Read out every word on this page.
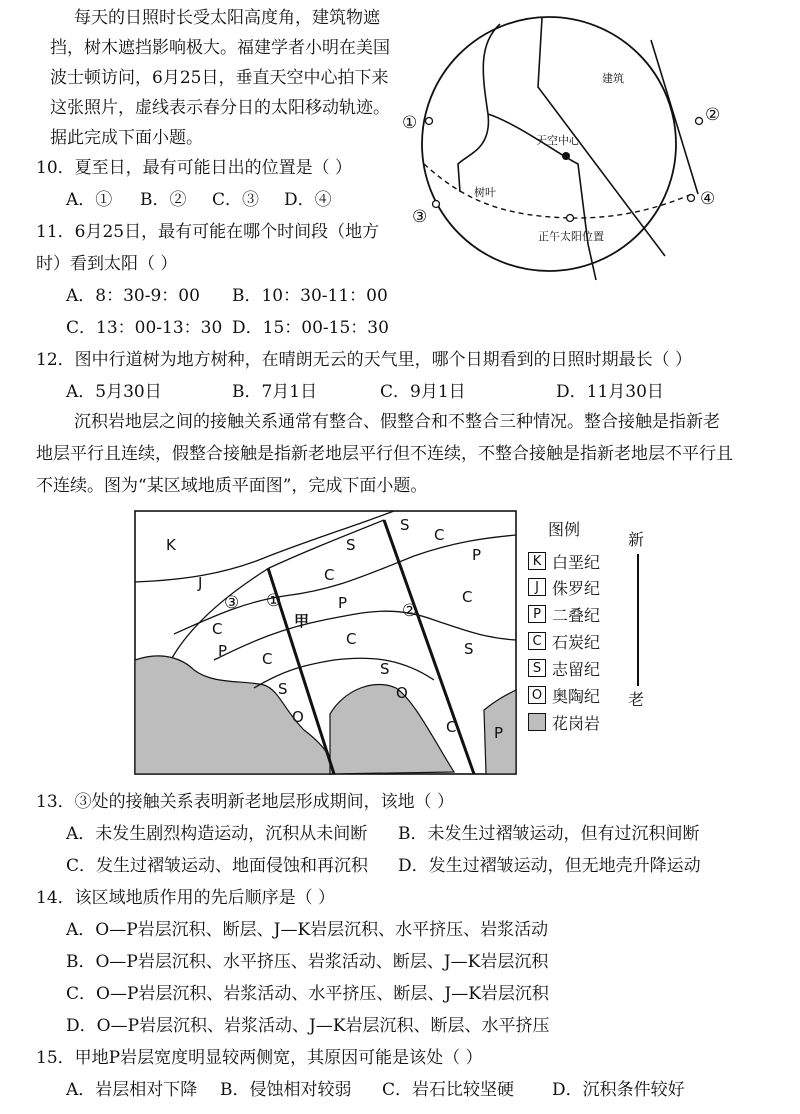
每天的日照时长受太阳高度角，建筑物遮
挡，树木遮挡影响极大。福建学者小明在美国
波士顿访问，6月25日，垂直天空中心拍下来
这张照片，虚线表示春分日的太阳移动轨迹。
据此完成下面小题。
建筑
天空中心
树叶
正午太阳位置
①	②
③
④
10．夏至日，最有可能日出的位置是（ ）
A．① B．② C．③ D．④
11．6月25日，最有可能在哪个时间段（地方
时）看到太阳（ ）
A．8：30-9：00 B．10：30-11：00
C．13：00-13：30 D．15：00-15：30
12．图中行道树为地方树种，在晴朗无云的天气里，哪个日期看到的日照时期最长（ ）
A．5月30日	B．7月1日	C．9月1日	D．11月30日
沉积岩地层之间的接触关系通常有整合、假整合和不整合三种情况。整合接触是指新老
地层平行且连续，假整合接触是指新老地层平行但不连续，不整合接触是指新老地层不平行且
不连续。图为“某区域地质平面图”，完成下面小题。
K
J
C
P C
S
O
S
C
P
C
S
O
S
C
P
C
S
C	P
甲
①	②
③
图例
K 白垩纪
J 侏罗纪
P 二叠纪
C 石炭纪
S 志留纪
O 奥陶纪
花岗岩
新
老
13．③处的接触关系表明新老地层形成期间，该地（ ）
A．未发生剧烈构造运动，沉积从未间断 B．未发生过褶皱运动，但有过沉积间断
C．发生过褶皱运动、地面侵蚀和再沉积 D．发生过褶皱运动，但无地壳升降运动
14．该区域地质作用的先后顺序是（ ）
A．O—P岩层沉积、断层、J—K岩层沉积、水平挤压、岩浆活动
B．O—P岩层沉积、水平挤压、岩浆活动、断层、J—K岩层沉积
C．O—P岩层沉积、岩浆活动、水平挤压、断层、J—K岩层沉积
D．O—P岩层沉积、岩浆活动、J—K岩层沉积、断层、水平挤压
15．甲地P岩层宽度明显较两侧宽，其原因可能是该处（ ）
A．岩层相对下降 B．侵蚀相对较弱 C．岩石比较坚硬 D．沉积条件较好
